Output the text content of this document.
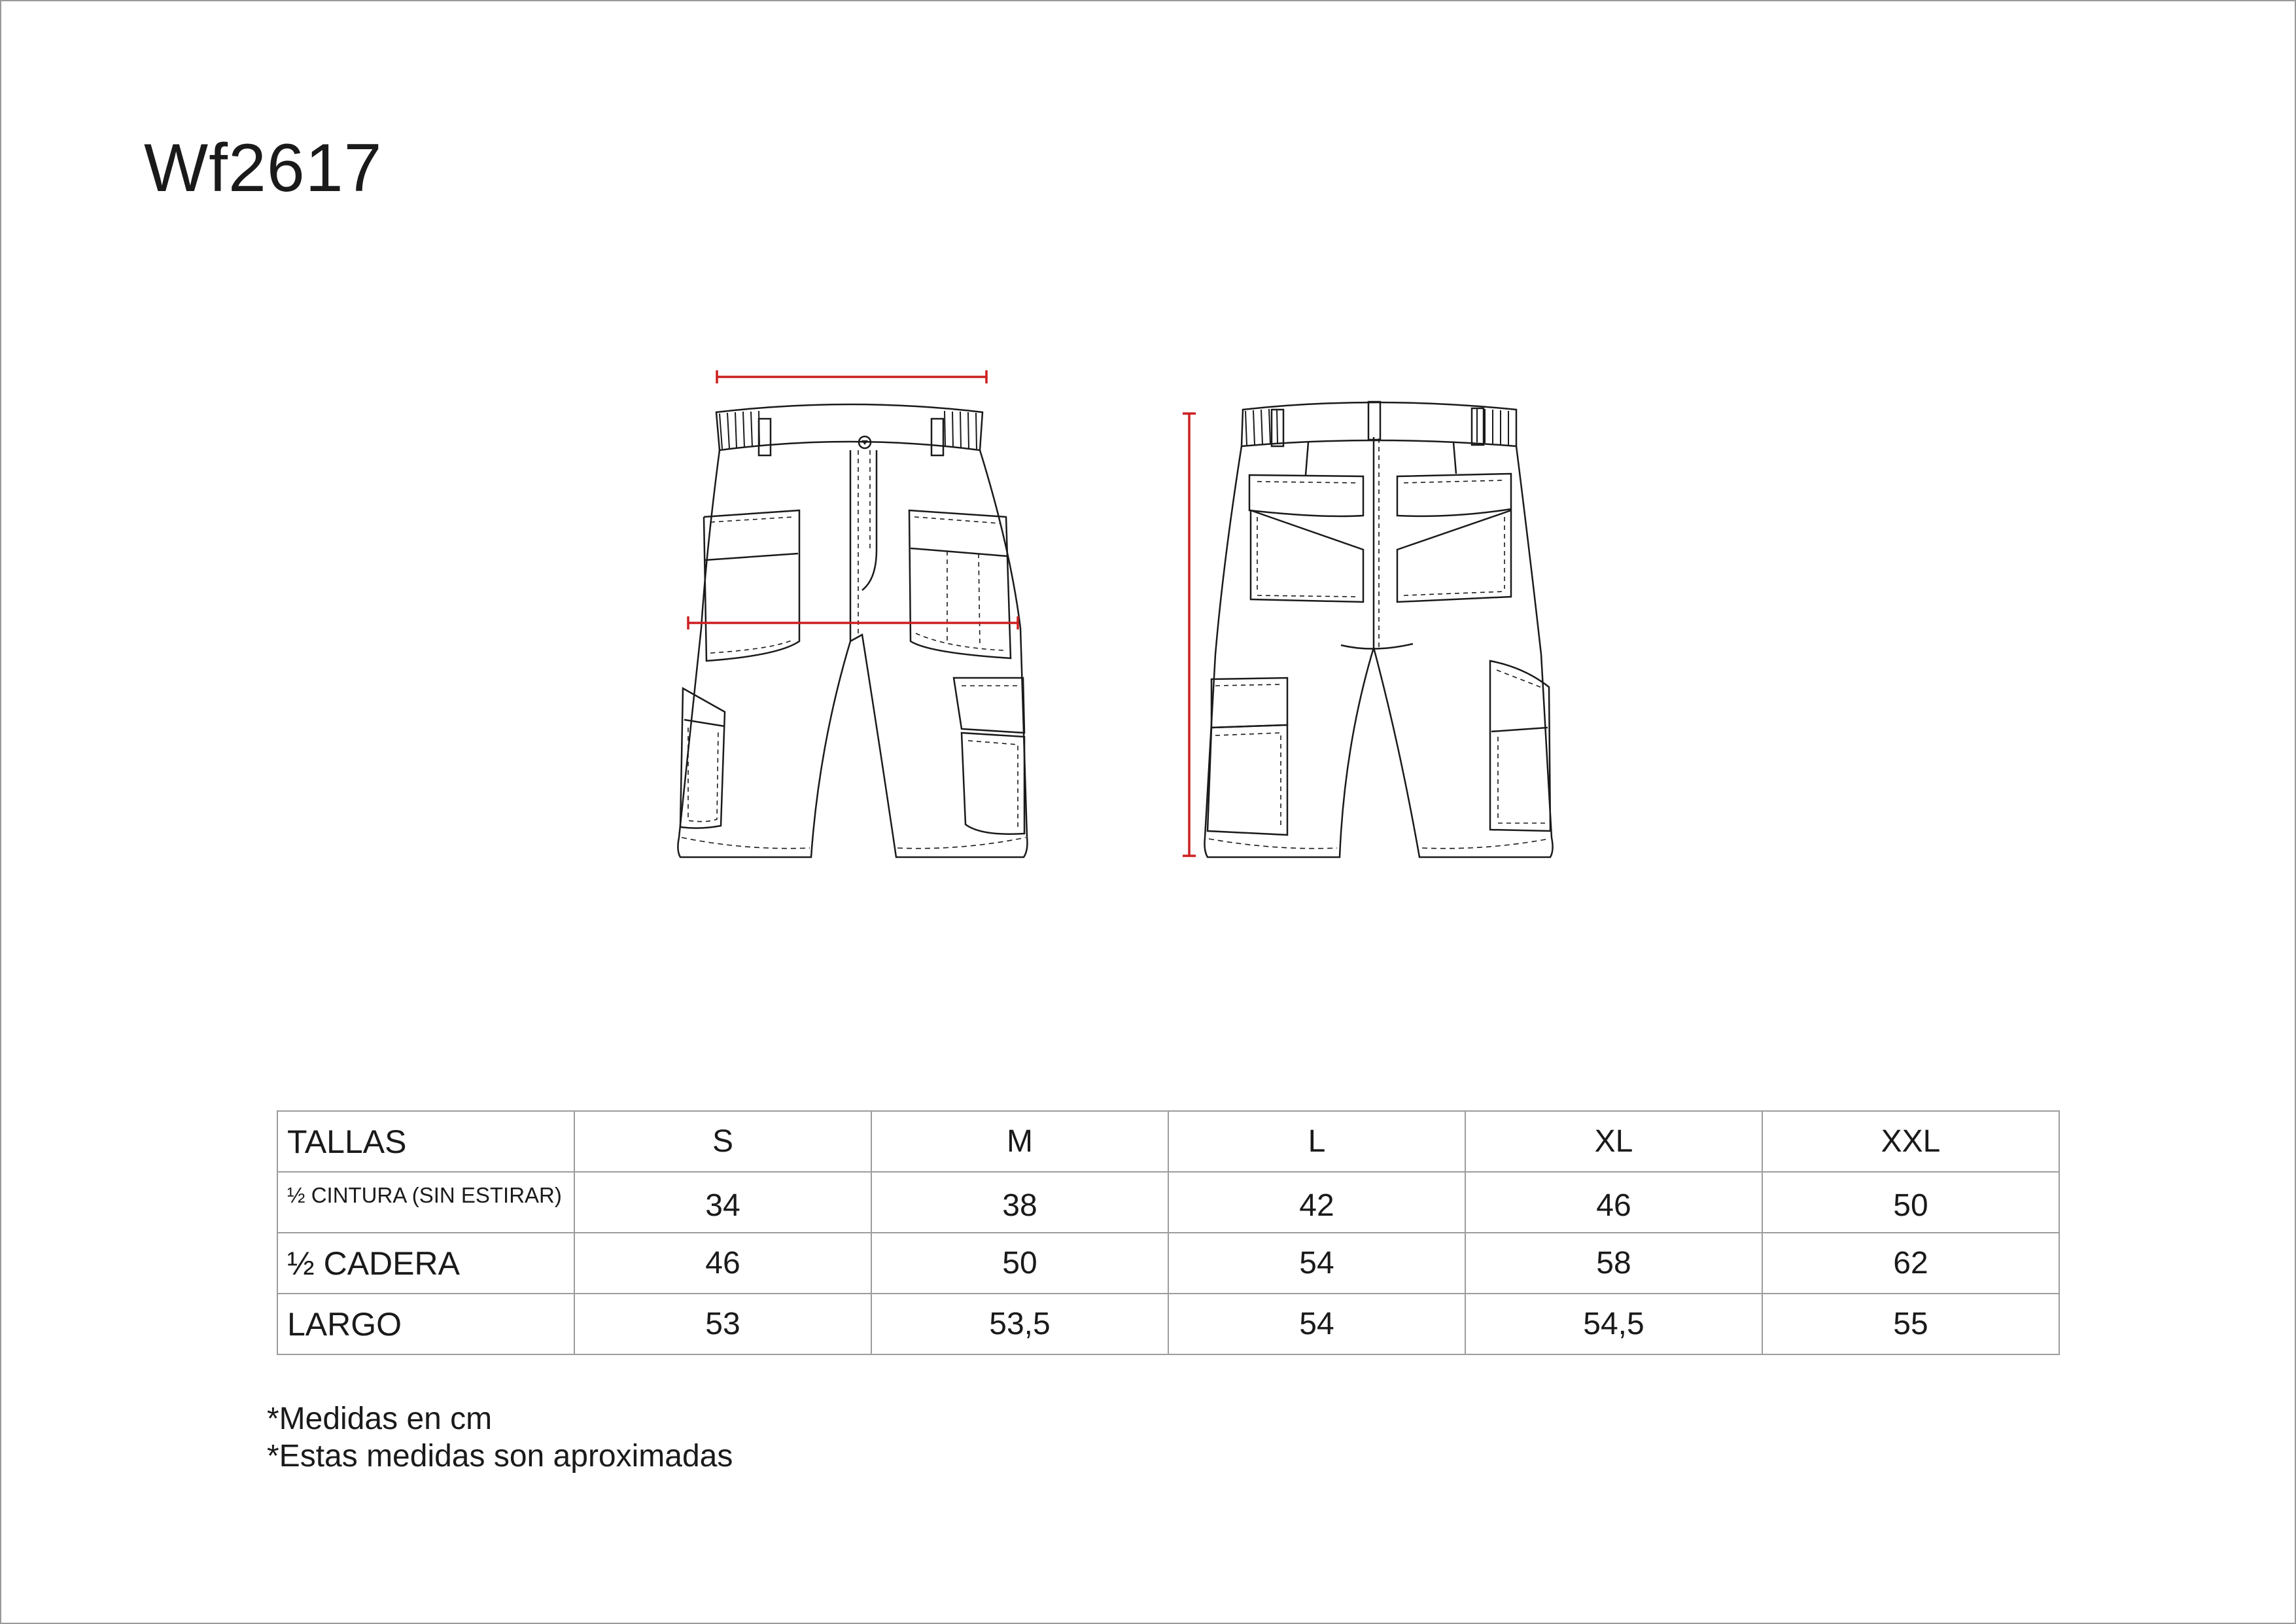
Wf2617
TALLAS	S	M	L	XL	XXL
½ CINTURA (SIN ESTIRAR)	34	38	42	46	50
½ CADERA	46	50	54	58	62
LARGO	53	53,5	54	54,5	55
*Medidas en cm
*Estas medidas son aproximadas
